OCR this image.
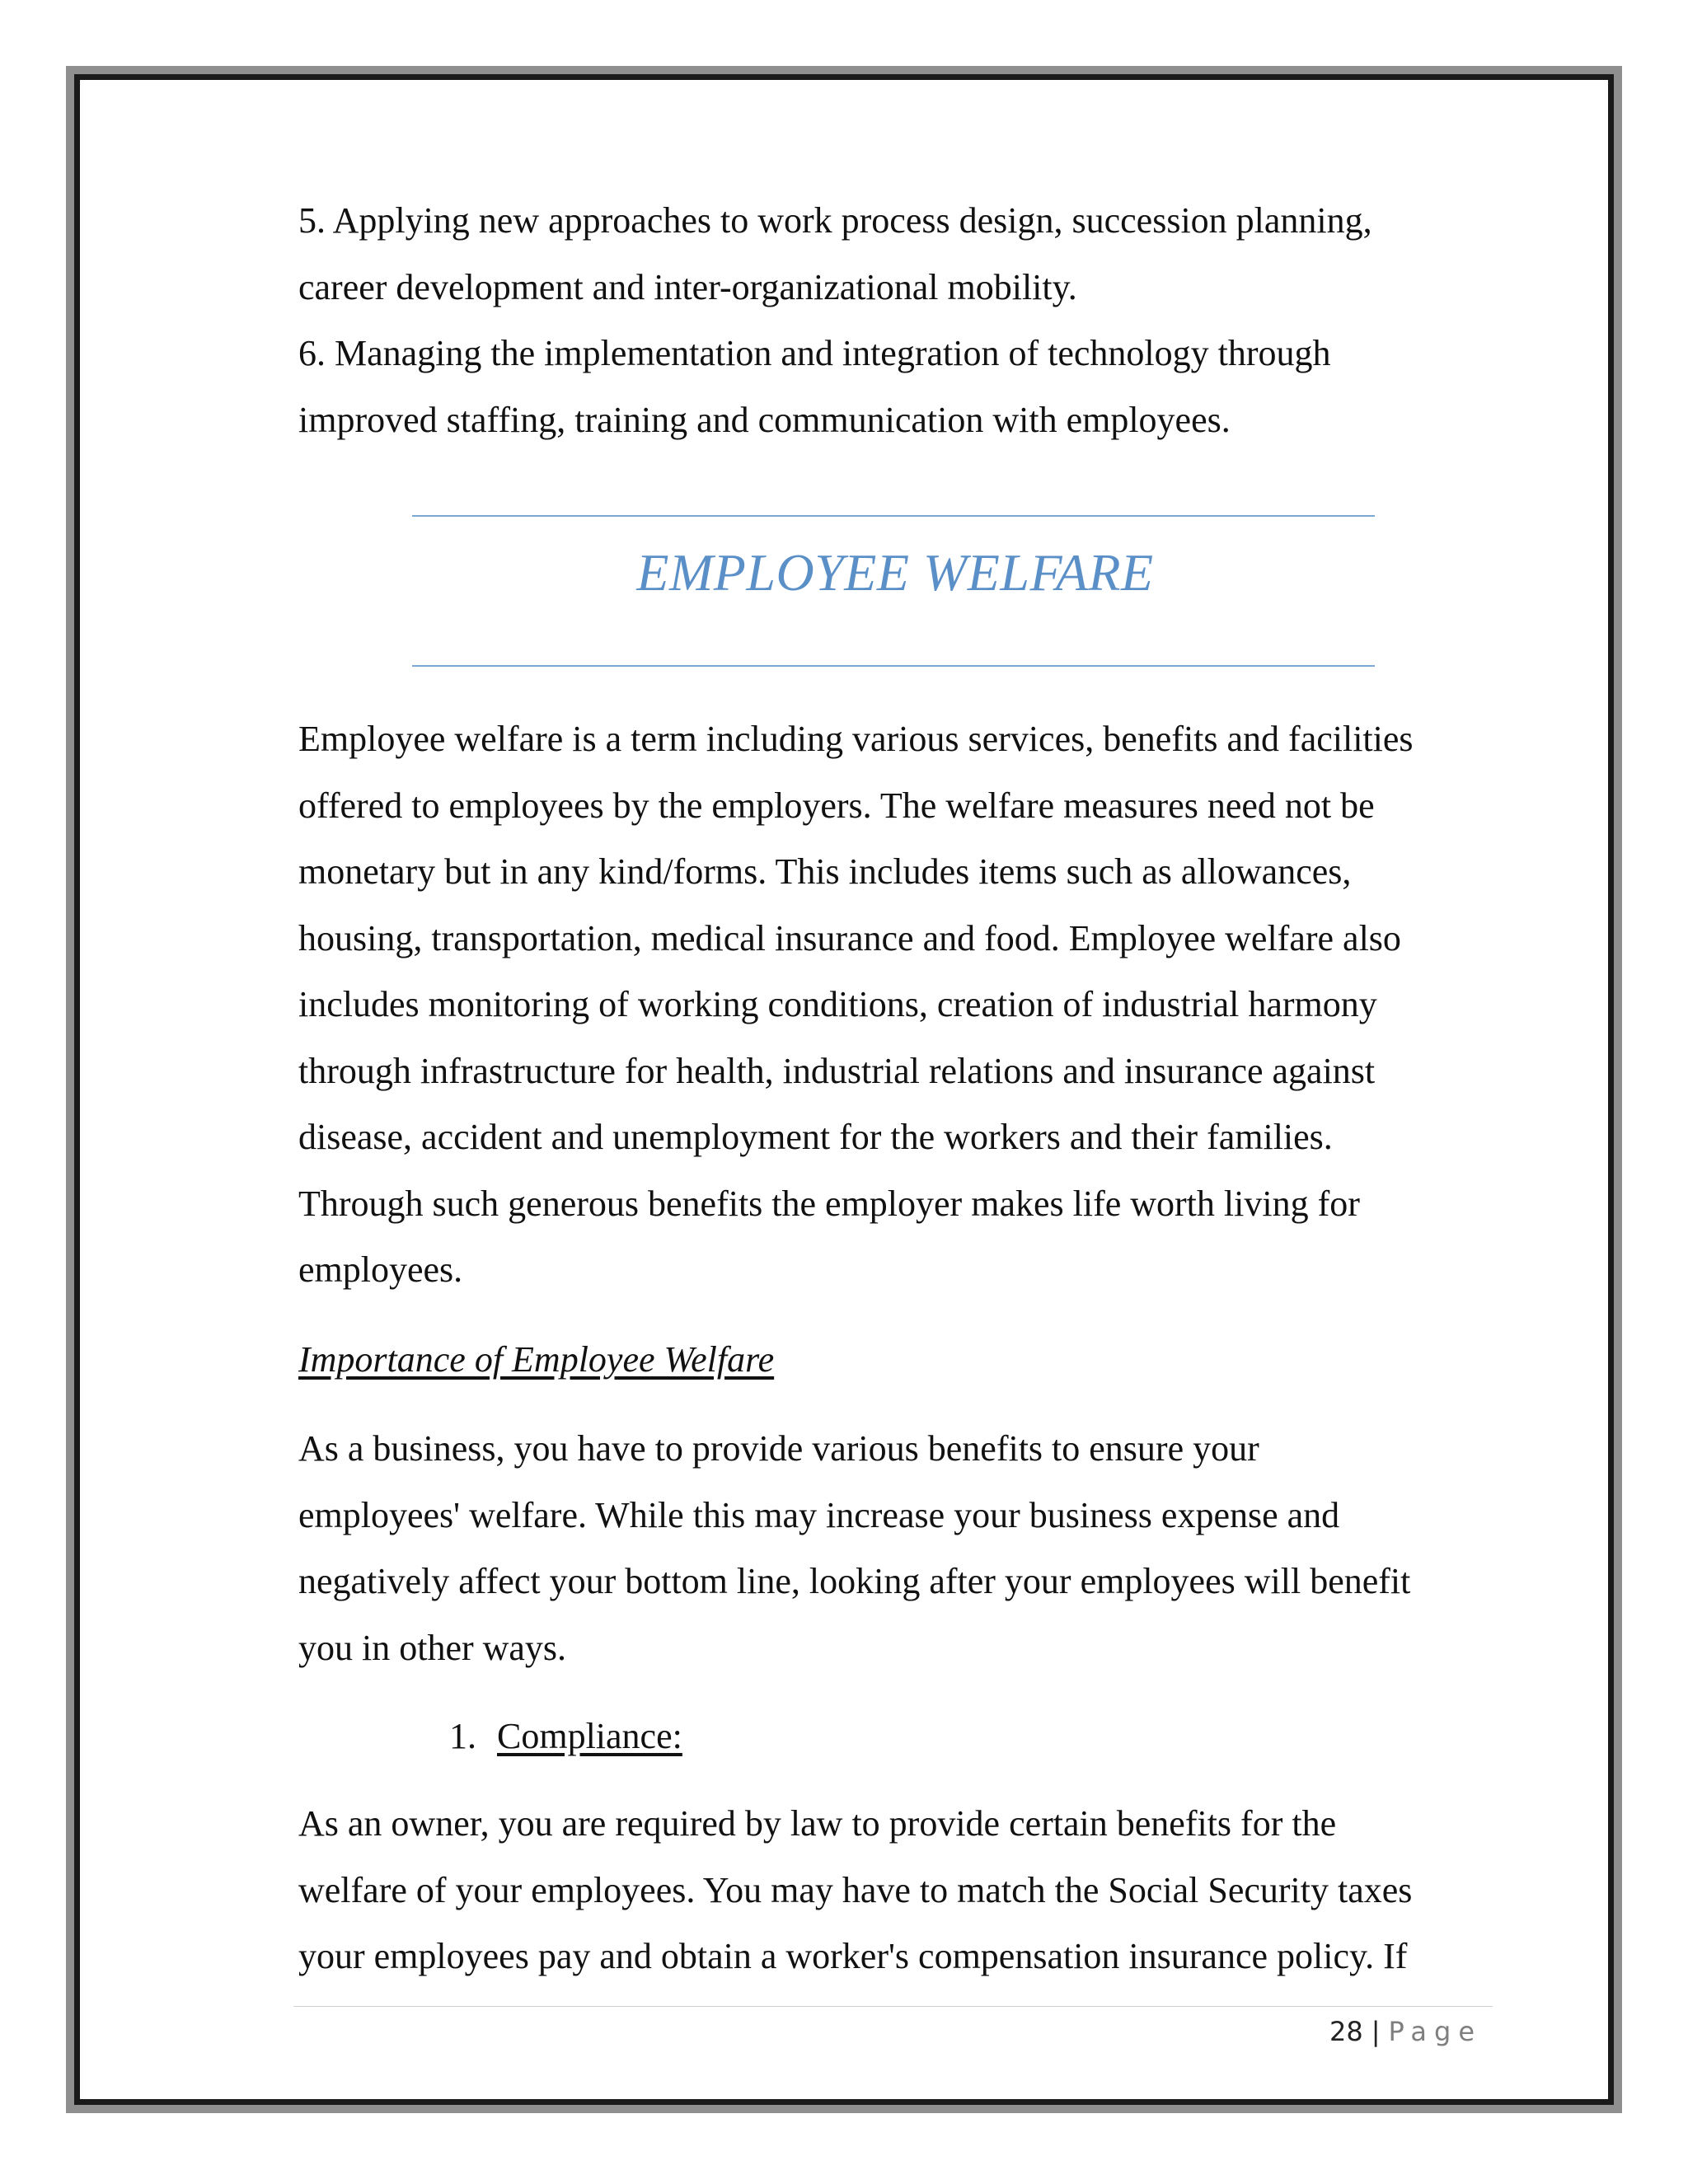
5. Applying new approaches to work process design, succession planning,
career development and inter-organizational mobility.
6. Managing the implementation and integration of technology through
improved staffing, training and communication with employees.
EMPLOYEE WELFARE
Employee welfare is a term including various services, benefits and facilities
offered to employees by the employers. The welfare measures need not be
monetary but in any kind/forms. This includes items such as allowances,
housing, transportation, medical insurance and food. Employee welfare also
includes monitoring of working conditions, creation of industrial harmony
through infrastructure for health, industrial relations and insurance against
disease, accident and unemployment for the workers and their families.
Through such generous benefits the employer makes life worth living for
employees.
Importance of Employee Welfare
As a business, you have to provide various benefits to ensure your
employees' welfare. While this may increase your business expense and
negatively affect your bottom line, looking after your employees will benefit
you in other ways.
1. Compliance:
As an owner, you are required by law to provide certain benefits for the
welfare of your employees. You may have to match the Social Security taxes
your employees pay and obtain a worker's compensation insurance policy. If
28 | Page
